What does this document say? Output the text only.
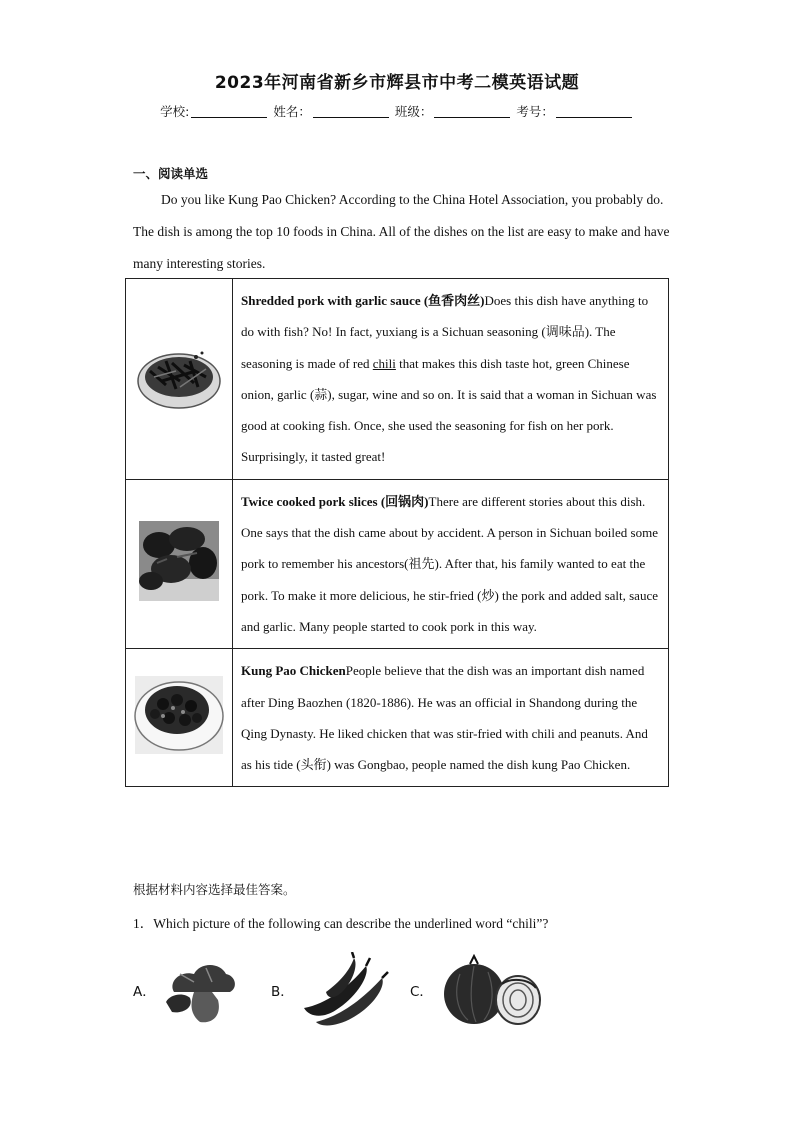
2023年河南省新乡市辉县市中考二模英语试题
学校:	姓名：	班级：	考号：
一、阅读单选
Do you like Kung Pao Chicken? According to the China Hotel Association, you probably do. The dish is among the top 10 foods in China. All of the dishes on the list are easy to make and have many interesting stories.
	Shredded pork with garlic sauce (鱼香肉丝)Does this dish have anything to do with fish? No! In fact, yuxiang is a Sichuan seasoning (调味品). The seasoning is made of red chili that makes this dish taste hot, green Chinese onion, garlic (蒜), sugar, wine and so on. It is said that a woman in Sichuan was good at cooking fish. Once, she used the seasoning for fish on her pork. Surprisingly, it tasted great!
	Twice cooked pork slices (回锅肉)There are different stories about this dish. One says that the dish came about by accident. A person in Sichuan boiled some pork to remember his ancestors(祖先). After that, his family wanted to eat the pork. To make it more delicious, he stir-fried (炒) the pork and added salt, sauce and garlic. Many people started to cook pork in this way.
	Kung Pao ChickenPeople believe that the dish was an important dish named after Ding Baozhen (1820-1886). He was an official in Shandong during the Qing Dynasty. He liked chicken that was stir-fried with chili and peanuts. And as his tide (头衔) was Gongbao, people named the dish kung Pao Chicken.
根据材料内容选择最佳答案。
1．Which picture of the following can describe the underlined word “chili”?
A．	B．	C．
